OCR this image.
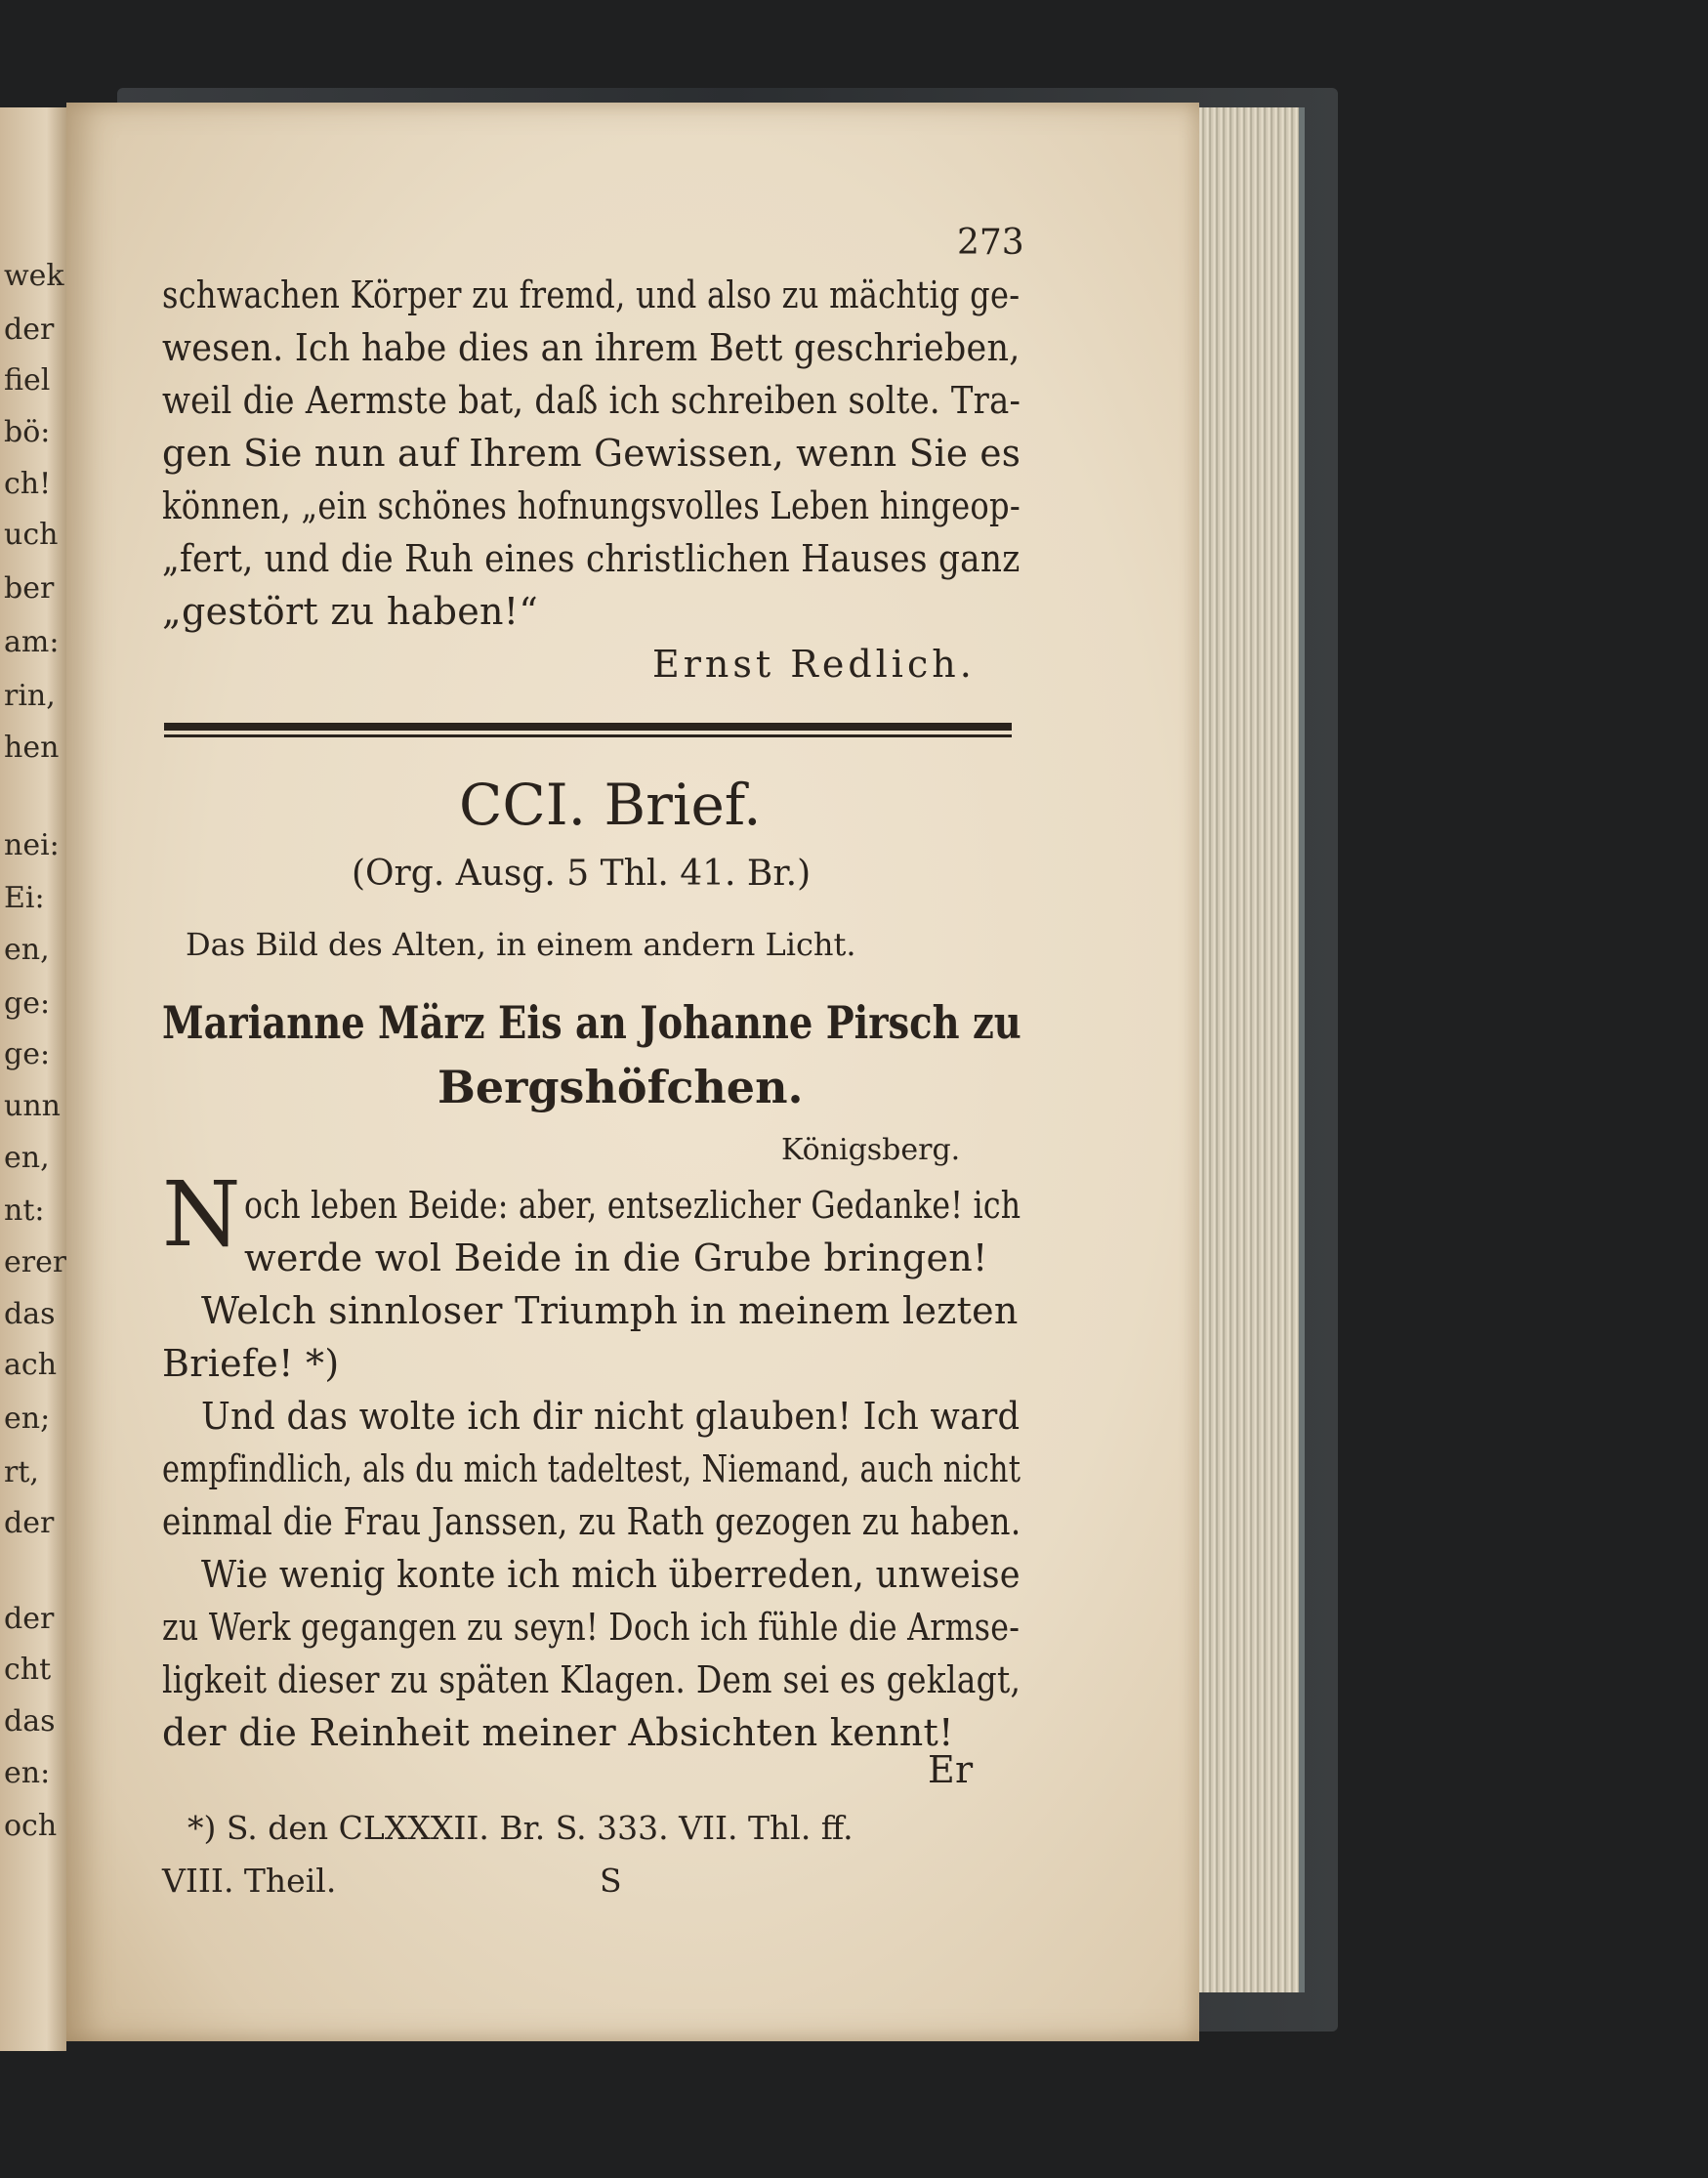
wek
der
fiel
bö:
ch!
uch
ber
am:
rin,
hen
nei:
Ei:
en,
ge:
ge:
unn
en,
nt:
erer
das
ach
en;
rt,
der
der
cht
das
en:
och
273
schwachen Körper zu fremd, und also zu mächtig ge-
wesen. Ich habe dies an ihrem Bett geschrieben,
weil die Aermste bat, daß ich schreiben solte. Tra-
gen Sie nun auf Ihrem Gewissen, wenn Sie es
können, „ein schönes hofnungsvolles Leben hingeop-
„fert, und die Ruh eines christlichen Hauses ganz
„gestört zu haben!“
Ernst Redlich.
CCI. Brief.
(Org. Ausg. 5 Thl. 41. Br.)
Das Bild des Alten, in einem andern Licht.
Marianne März Eis an Johanne Pirsch zu
Bergshöfchen.
Königsberg.
N och leben Beide: aber, entsezlicher Gedanke! ich
werde wol Beide in die Grube bringen!
Welch sinnloser Triumph in meinem lezten
Briefe! *)
Und das wolte ich dir nicht glauben! Ich ward
empfindlich, als du mich tadeltest, Niemand, auch nicht
einmal die Frau Janssen, zu Rath gezogen zu haben.
Wie wenig konte ich mich überreden, unweise
zu Werk gegangen zu seyn! Doch ich fühle die Armse-
ligkeit dieser zu späten Klagen. Dem sei es geklagt,
der die Reinheit meiner Absichten kennt!
Er
*) S. den CLXXXII. Br. S. 333. VII. Thl. ff.
VIII. Theil.	S
